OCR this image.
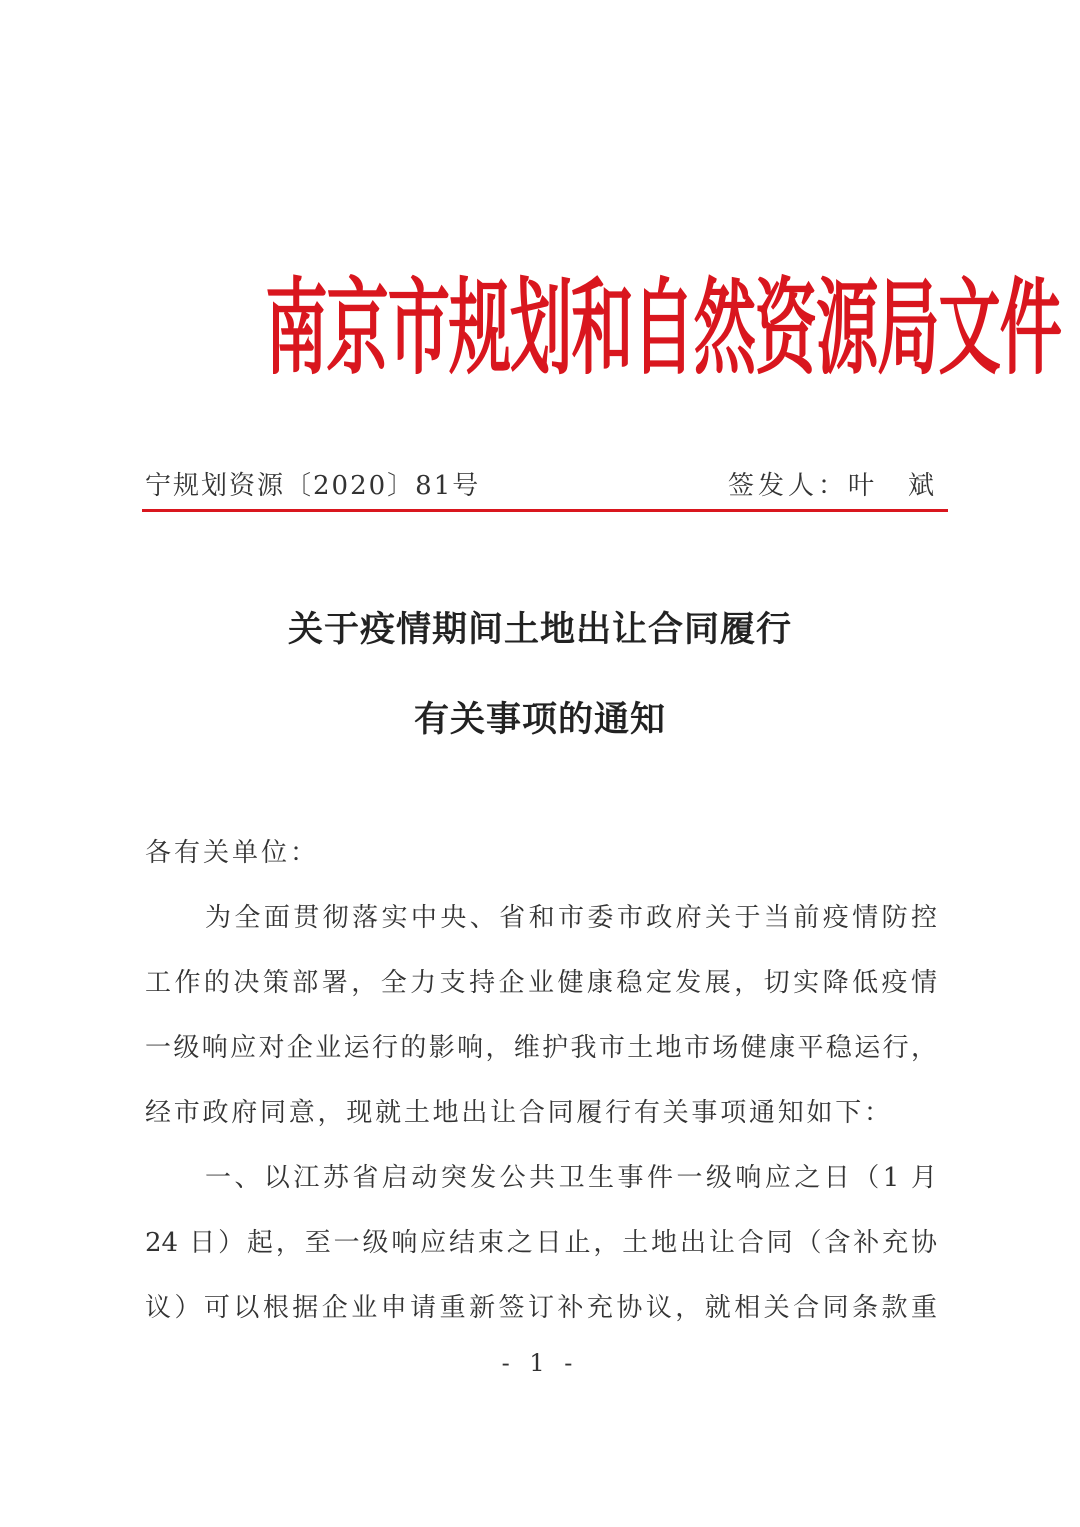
南京市规划和自然资源局文件
宁规划资源〔2020〕81号	签发人：叶　斌
关于疫情期间土地出让合同履行
有关事项的通知
各有关单位：
为全面贯彻落实中央、省和市委市政府关于当前疫情防控
工作的决策部署，全力支持企业健康稳定发展，切实降低疫情
一级响应对企业运行的影响，维护我市土地市场健康平稳运行，
经市政府同意，现就土地出让合同履行有关事项通知如下：
一、以江苏省启动突发公共卫生事件一级响应之日（1 月
24 日）起，至一级响应结束之日止，土地出让合同（含补充协
议）可以根据企业申请重新签订补充协议，就相关合同条款重
- 1 -
